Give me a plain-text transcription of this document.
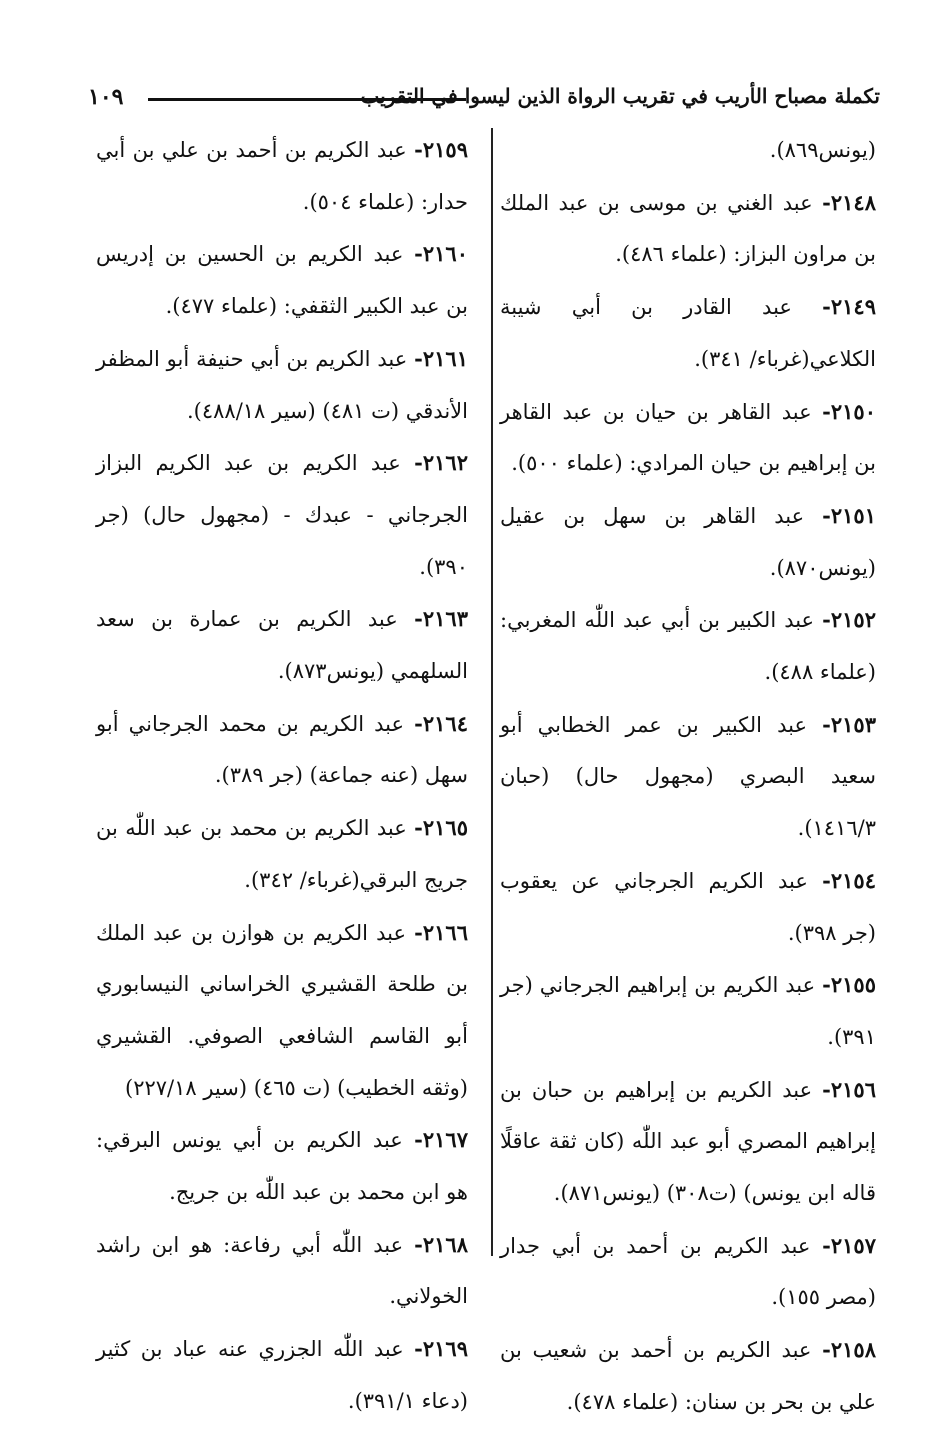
تكملة مصباح الأريب في تقريب الرواة الذين ليسوا في التقريب
١٠٩

(يونس٨٦٩).

٢١٤٨- عبد الغني بن موسى بن عبد الملك بن مراون البزاز: (علماء ٤٨٦).

٢١٤٩- عبد القادر بن أبي شيبة الكلاعي(غرباء/ ٣٤١).

٢١٥٠- عبد القاهر بن حيان بن عبد القاهر بن إبراهيم بن حيان المرادي: (علماء ٥٠٠).

٢١٥١- عبد القاهر بن سهل بن عقيل (يونس٨٧٠).

٢١٥٢- عبد الكبير بن أبي عبد اللّٰه المغربي: (علماء ٤٨٨).

٢١٥٣- عبد الكبير بن عمر الخطابي أبو سعيد البصري (مجهول حال) (حبان ١٤١٦/٣).

٢١٥٤- عبد الكريم الجرجاني عن يعقوب (جر ٣٩٨).

٢١٥٥- عبد الكريم بن إبراهيم الجرجاني (جر ٣٩١).

٢١٥٦- عبد الكريم بن إبراهيم بن حبان بن إبراهيم المصري أبو عبد اللّٰه (كان ثقة عاقلًا قاله ابن يونس) (ت٣٠٨) (يونس٨٧١).

٢١٥٧- عبد الكريم بن أحمد بن أبي جدار (مصر ١٥٥).

٢١٥٨- عبد الكريم بن أحمد بن شعيب بن علي بن بحر بن سنان: (علماء ٤٧٨).

٢١٥٩- عبد الكريم بن أحمد بن علي بن أبي حدار: (علماء ٥٠٤).

٢١٦٠- عبد الكريم بن الحسين بن إدريس بن عبد الكبير الثقفي: (علماء ٤٧٧).

٢١٦١- عبد الكريم بن أبي حنيفة أبو المظفر الأندقي (ت ٤٨١) (سير ٤٨٨/١٨).

٢١٦٢- عبد الكريم بن عبد الكريم البزاز الجرجاني - عبدك - (مجهول حال) (جر ٣٩٠).

٢١٦٣- عبد الكريم بن عمارة بن سعد السلهمي (يونس٨٧٣).

٢١٦٤- عبد الكريم بن محمد الجرجاني أبو سهل (عنه جماعة) (جر ٣٨٩).

٢١٦٥- عبد الكريم بن محمد بن عبد اللّٰه بن جريج البرقي(غرباء/ ٣٤٢).

٢١٦٦- عبد الكريم بن هوازن بن عبد الملك بن طلحة القشيري الخراساني النيسابوري أبو القاسم الشافعي الصوفي. القشيري (وثقه الخطيب) (ت ٤٦٥) (سير ٢٢٧/١٨)

٢١٦٧- عبد الكريم بن أبي يونس البرقي: هو ابن محمد بن عبد اللّٰه بن جريج.

٢١٦٨- عبد اللّٰه أبي رفاعة: هو ابن راشد الخولاني.

٢١٦٩- عبد اللّٰه الجزري عنه عباد بن كثير (دعاء ٣٩١/١).
